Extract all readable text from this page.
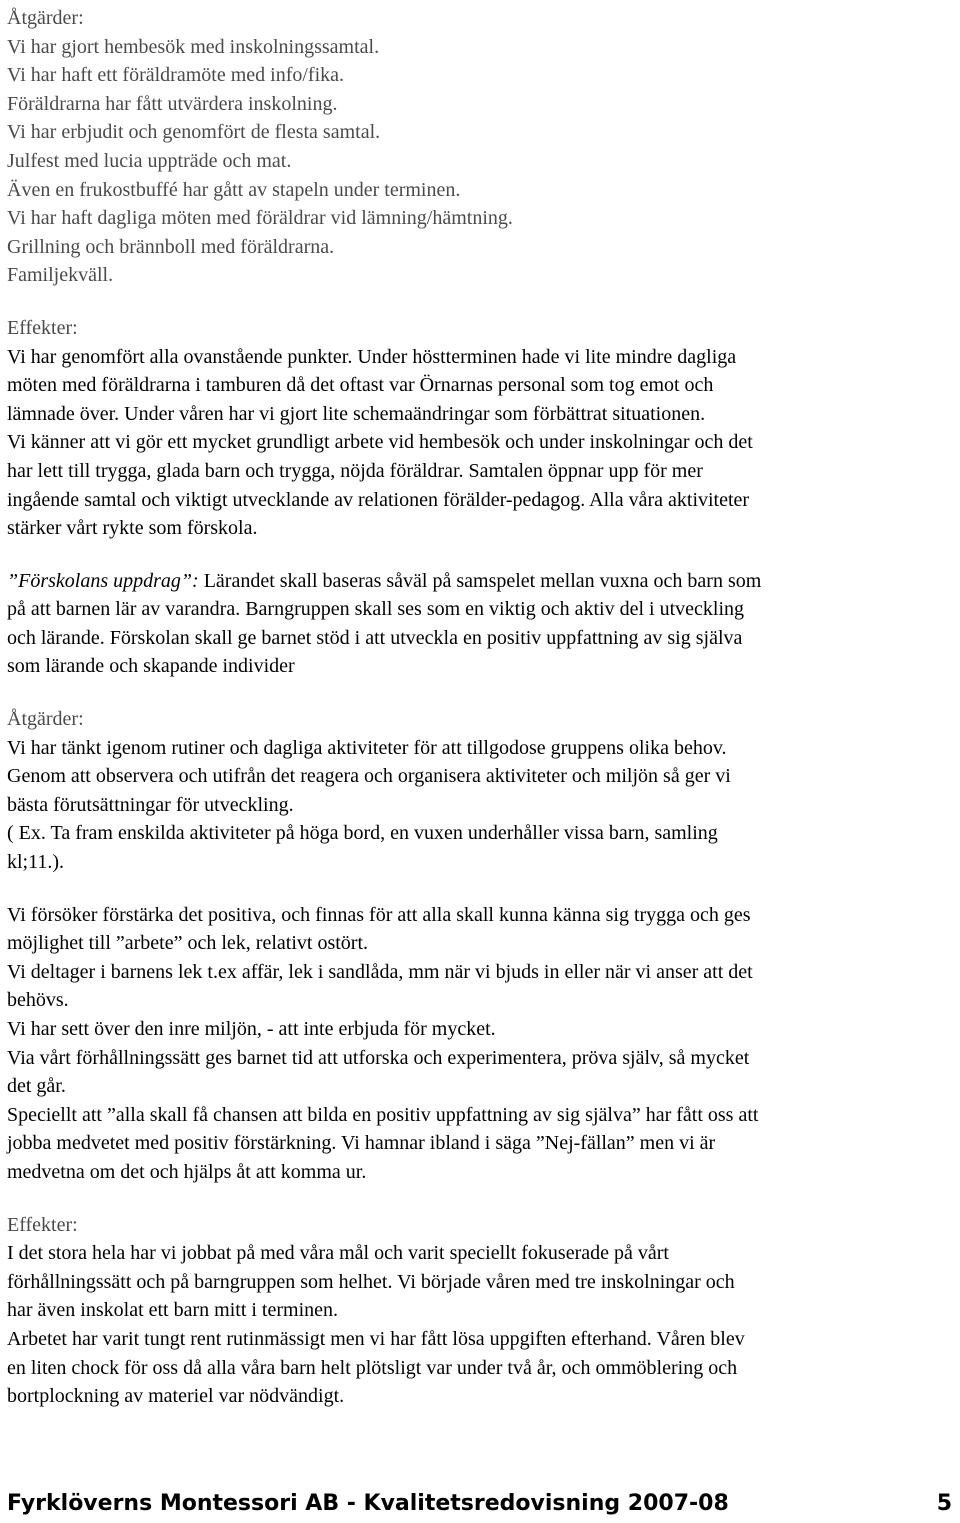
Åtgärder:
Vi har gjort hembesök med inskolningssamtal.
Vi har haft ett föräldramöte med info/fika.
Föräldrarna har fått utvärdera inskolning.
Vi har erbjudit och genomfört de flesta samtal.
Julfest med lucia uppträde och mat.
Även en frukostbuffé har gått av stapeln under terminen.
Vi har haft dagliga möten med föräldrar vid lämning/hämtning.
Grillning och brännboll med föräldrarna.
Familjekväll.
Effekter:
Vi har genomfört alla ovanstående punkter. Under höstterminen hade vi lite mindre dagliga
möten med föräldrarna i tamburen då det oftast var Örnarnas personal som tog emot och
lämnade över. Under våren har vi gjort lite schemaändringar som förbättrat situationen.
Vi känner att vi gör ett mycket grundligt arbete vid hembesök och under inskolningar och det
har lett till trygga, glada barn och trygga, nöjda föräldrar. Samtalen öppnar upp för mer
ingående samtal och viktigt utvecklande av relationen förälder-pedagog. Alla våra aktiviteter
stärker vårt rykte som förskola.
”Förskolans uppdrag”: Lärandet skall baseras såväl på samspelet mellan vuxna och barn som
på att barnen lär av varandra. Barngruppen skall ses som en viktig och aktiv del i utveckling
och lärande. Förskolan skall ge barnet stöd i att utveckla en positiv uppfattning av sig själva
som lärande och skapande individer
Åtgärder:
Vi har tänkt igenom rutiner och dagliga aktiviteter för att tillgodose gruppens olika behov.
Genom att observera och utifrån det reagera och organisera aktiviteter och miljön så ger vi
bästa förutsättningar för utveckling.
( Ex. Ta fram enskilda aktiviteter på höga bord, en vuxen underhåller vissa barn, samling
kl;11.).
Vi försöker förstärka det positiva, och finnas för att alla skall kunna känna sig trygga och ges
möjlighet till ”arbete” och lek, relativt ostört.
Vi deltager i barnens lek t.ex affär, lek i sandlåda, mm när vi bjuds in eller när vi anser att det
behövs.
Vi har sett över den inre miljön, - att inte erbjuda för mycket.
Via vårt förhållningssätt ges barnet tid att utforska och experimentera, pröva själv, så mycket
det går.
Speciellt att ”alla skall få chansen att bilda en positiv uppfattning av sig själva” har fått oss att
jobba medvetet med positiv förstärkning. Vi hamnar ibland i säga ”Nej-fällan” men vi är
medvetna om det och hjälps åt att komma ur.
Effekter:
I det stora hela har vi jobbat på med våra mål och varit speciellt fokuserade på vårt
förhållningssätt och på barngruppen som helhet. Vi började våren med tre inskolningar och
har även inskolat ett barn mitt i terminen.
Arbetet har varit tungt rent rutinmässigt men vi har fått lösa uppgiften efterhand. Våren blev
en liten chock för oss då alla våra barn helt plötsligt var under två år, och ommöblering och
bortplockning av materiel var nödvändigt.
Fyrklöverns Montessori AB - Kvalitetsredovisning 2007-08	5
